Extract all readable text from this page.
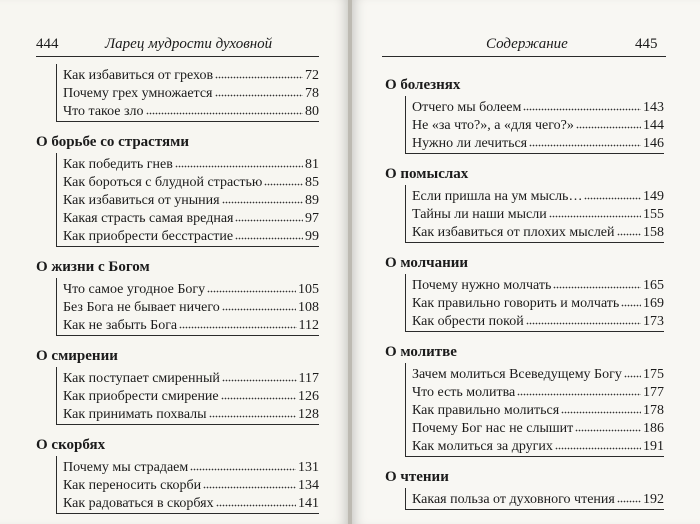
444	Ларец мудрости духовной
Как избавиться от грехов	72
Почему грех умножается	78
Что такое зло	80
О борьбе со страстями
Как победить гнев	81
Как бороться с блудной страстью	85
Как избавиться от уныния	89
Какая страсть самая вредная	97
Как приобрести бесстрастие	99
О жизни с Богом
Что самое угодное Богу	105
Без Бога не бывает ничего	108
Как не забыть Бога	112
О смирении
Как поступает смиренный	117
Как приобрести смирение	126
Как принимать похвалы	128
О скорбях
Почему мы страдаем	131
Как переносить скорби	134
Как радоваться в скорбях	141
Содержание	445
О болезнях
Отчего мы болеем	143
Не «за что?», а «для чего?»	144
Нужно ли лечиться	146
О помыслах
Если пришла на ум мысль…	149
Тайны ли наши мысли	155
Как избавиться от плохих мыслей 158
О молчании
Почему нужно молчать	165
Как правильно говорить и молчать 169
Как обрести покой	173
О молитве
Зачем молиться Всеведущему Богу 175
Что есть молитва	177
Как правильно молиться	178
Почему Бог нас не слышит	186
Как молиться за других	191
О чтении
Какая польза от духовного чтения 192
